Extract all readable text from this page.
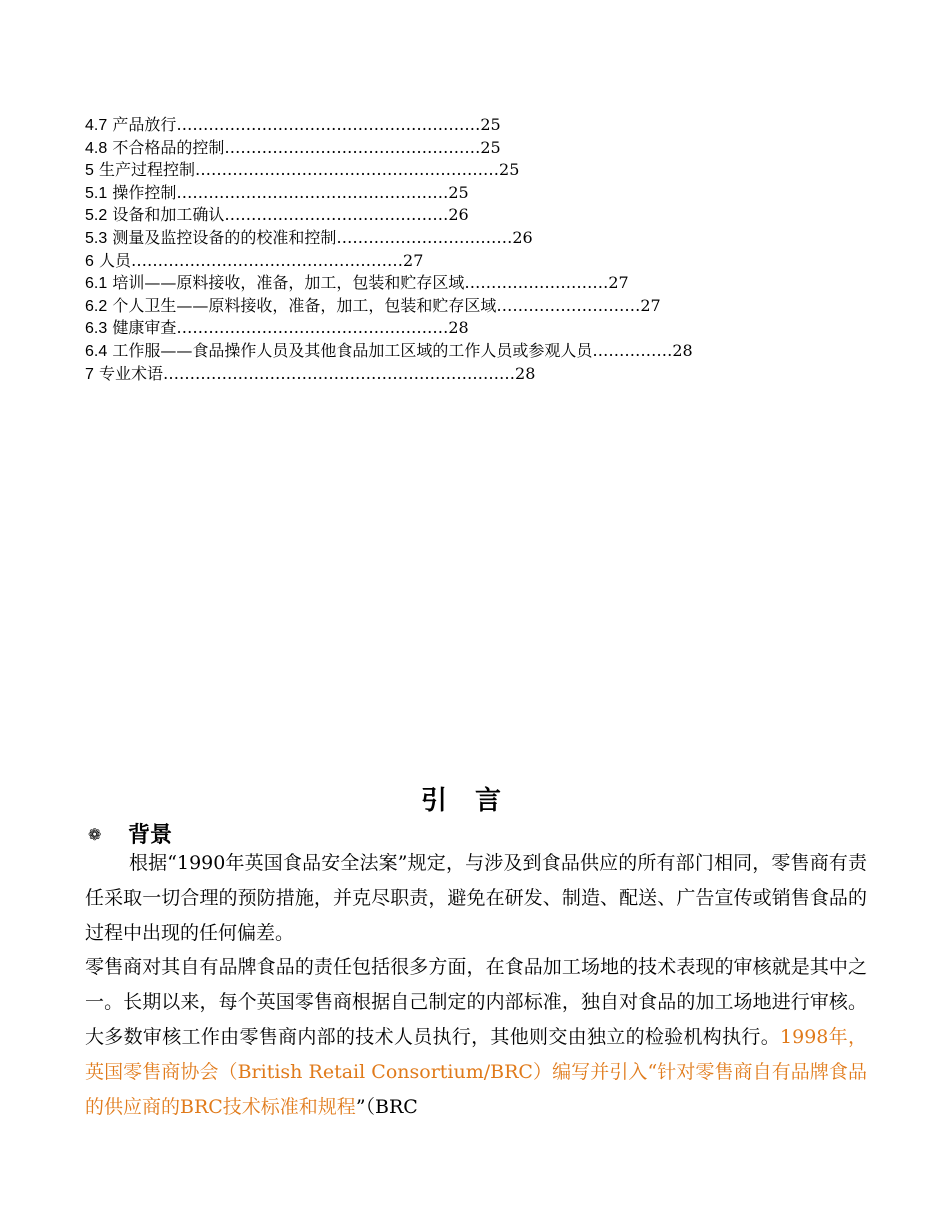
4.7 产品放行…………………………………………………25
4.8 不合格品的控制…………………………………………25
5 生产过程控制…………………………………………………25
5.1 操作控制……………………………………………25
5.2 设备和加工确认……………………………………26
5.3 测量及监控设备的的校准和控制……………………………26
6 人员……………………………………………27
6.1 培训——原料接收，准备，加工，包装和贮存区域………………………27
6.2 个人卫生——原料接收，准备，加工，包装和贮存区域………………………27
6.3 健康审查……………………………………………28
6.4 工作服——食品操作人员及其他食品加工区域的工作人员或参观人员……………28
7 专业术语…………………………………………………………28
引言
❁ 背景

根据“1990年英国食品安全法案”规定，与涉及到食品供应的所有部门相同，零售商有责任采取一切合理的预防措施，并克尽职责，避免在研发、制造、配送、广告宣传或销售食品的过程中出现的任何偏差。

零售商对其自有品牌食品的责任包括很多方面，在食品加工场地的技术表现的审核就是其中之一。长期以来，每个英国零售商根据自己制定的内部标准，独自对食品的加工场地进行审核。大多数审核工作由零售商内部的技术人员执行，其他则交由独立的检验机构执行。1998年，英国零售商协会（British Retail Consortium/BRC）编写并引入“针对零售商自有品牌食品的供应商的BRC技术标准和规程”（BRC
